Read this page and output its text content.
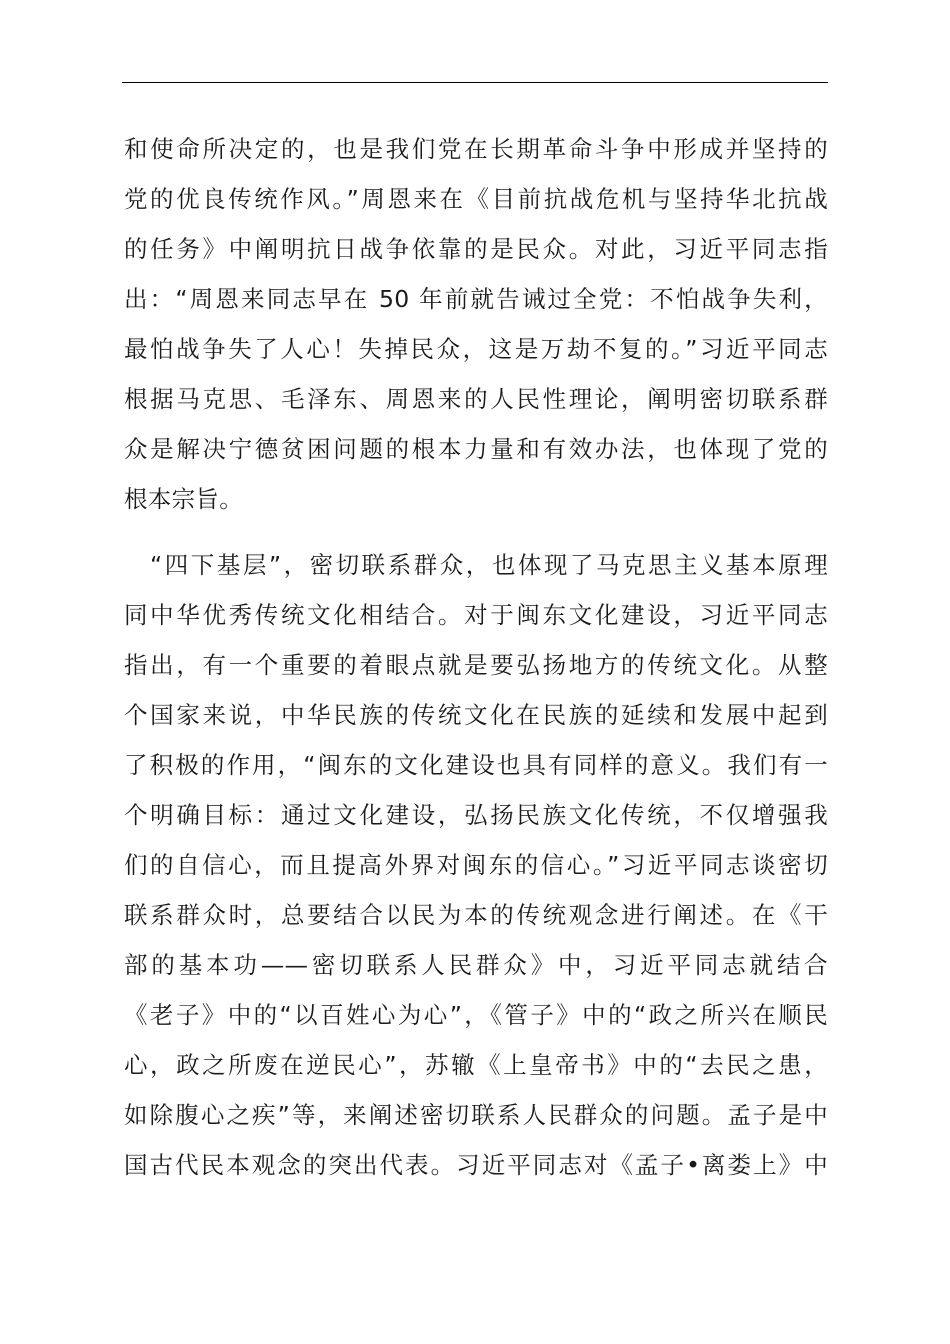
和使命所决定的，也是我们党在长期革命斗争中形成并坚持的
党的优良传统作风。”周恩来在《目前抗战危机与坚持华北抗战
的任务》中阐明抗日战争依靠的是民众。对此，习近平同志指
出：“周恩来同志早在 50 年前就告诫过全党：不怕战争失利，
最怕战争失了人心！失掉民众，这是万劫不复的。”习近平同志
根据马克思、毛泽东、周恩来的人民性理论，阐明密切联系群
众是解决宁德贫困问题的根本力量和有效办法，也体现了党的
根本宗旨。
　“四下基层”，密切联系群众，也体现了马克思主义基本原理
同中华优秀传统文化相结合。对于闽东文化建设，习近平同志
指出，有一个重要的着眼点就是要弘扬地方的传统文化。从整
个国家来说，中华民族的传统文化在民族的延续和发展中起到
了积极的作用，“闽东的文化建设也具有同样的意义。我们有一
个明确目标：通过文化建设，弘扬民族文化传统，不仅增强我
们的自信心，而且提高外界对闽东的信心。”习近平同志谈密切
联系群众时，总要结合以民为本的传统观念进行阐述。在《干
部的基本功——密切联系人民群众》中，习近平同志就结合
《老子》中的“以百姓心为心”，《管子》中的“政之所兴在顺民
心，政之所废在逆民心”，苏辙《上皇帝书》中的“去民之患，
如除腹心之疾”等，来阐述密切联系人民群众的问题。孟子是中
国古代民本观念的突出代表。习近平同志对《孟子•离娄上》中
